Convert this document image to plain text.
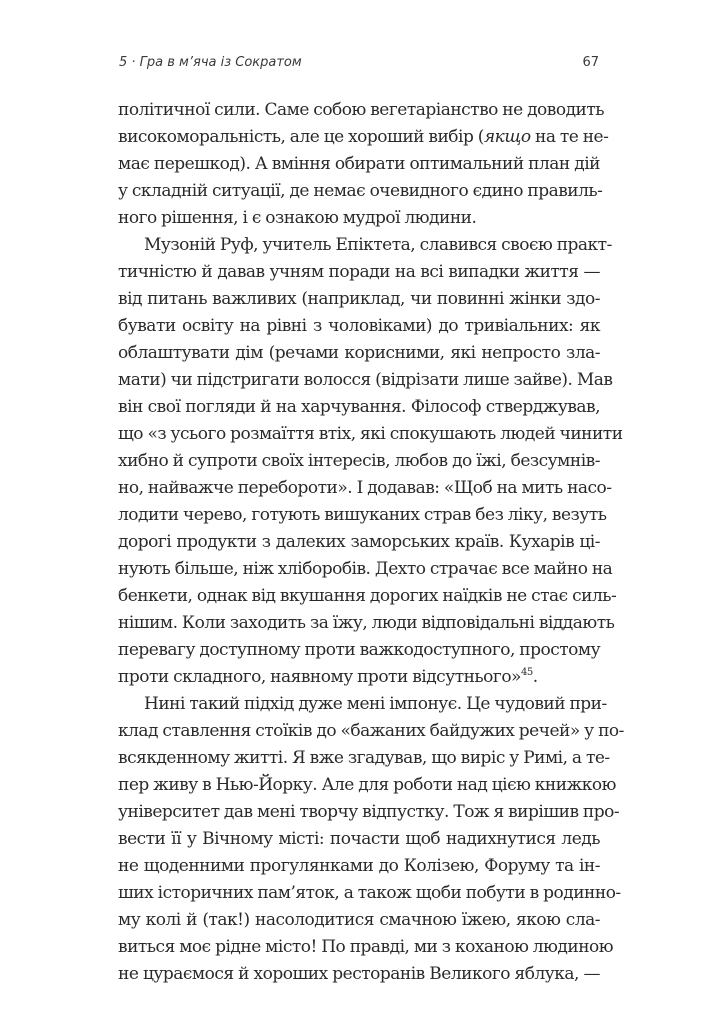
5 · Гра в м’яча із Сократом	67
політичної сили. Саме собою вегетаріанство не доводить
високоморальність, але це хороший вибір (якщо на те не-
має перешкод). А вміння обирати оптимальний план дій
у складній ситуації, де немає очевидного єдино правиль-
ного рішення, і є ознакою мудрої людини.
Музоній Руф, учитель Епіктета, славився своєю практ-
тичністю й давав учням поради на всі випадки життя —
від питань важливих (наприклад, чи повинні жінки здо-
бувати освіту на рівні з чоловіками) до тривіальних: як
облаштувати дім (речами корисними, які непросто зла-
мати) чи підстригати волосся (відрізати лише зайве). Мав
він свої погляди й на харчування. Філософ стверджував,
що «з усього розмаїття втіх, які спокушають людей чинити
хибно й супроти своїх інтересів, любов до їжі, безсумнів-
но, найважче перебороти». І додавав: «Щоб на мить насо-
лодити черево, готують вишуканих страв без ліку, везуть
дорогі продукти з далеких заморських країв. Кухарів ці-
нують більше, ніж хліборобів. Дехто страчає все майно на
бенкети, однак від вкушання дорогих наїдків не стає силь-
нішим. Коли заходить за їжу, люди відповідальні віддають
перевагу доступному проти важкодоступного, простому
проти складного, наявному проти відсутнього»$^{45}$.
Нині такий підхід дуже мені імпонує. Це чудовий при-
клад ставлення стоїків до «бажаних байдужих речей» у по-
всякденному житті. Я вже згадував, що виріс у Римі, а те-
пер живу в Нью-Йорку. Але для роботи над цією книжкою
університет дав мені творчу відпустку. Тож я вирішив про-
вести її у Вічному місті: почасти щоб надихнутися ледь
не щоденними прогулянками до Колізею, Форуму та ін-
ших історичних пам’яток, а також щоби побути в родинно-
му колі й (так!) насолодитися смачною їжею, якою сла-
виться моє рідне місто! По правді, ми з коханою людиною
не цураємося й хороших ресторанів Великого яблука, —
